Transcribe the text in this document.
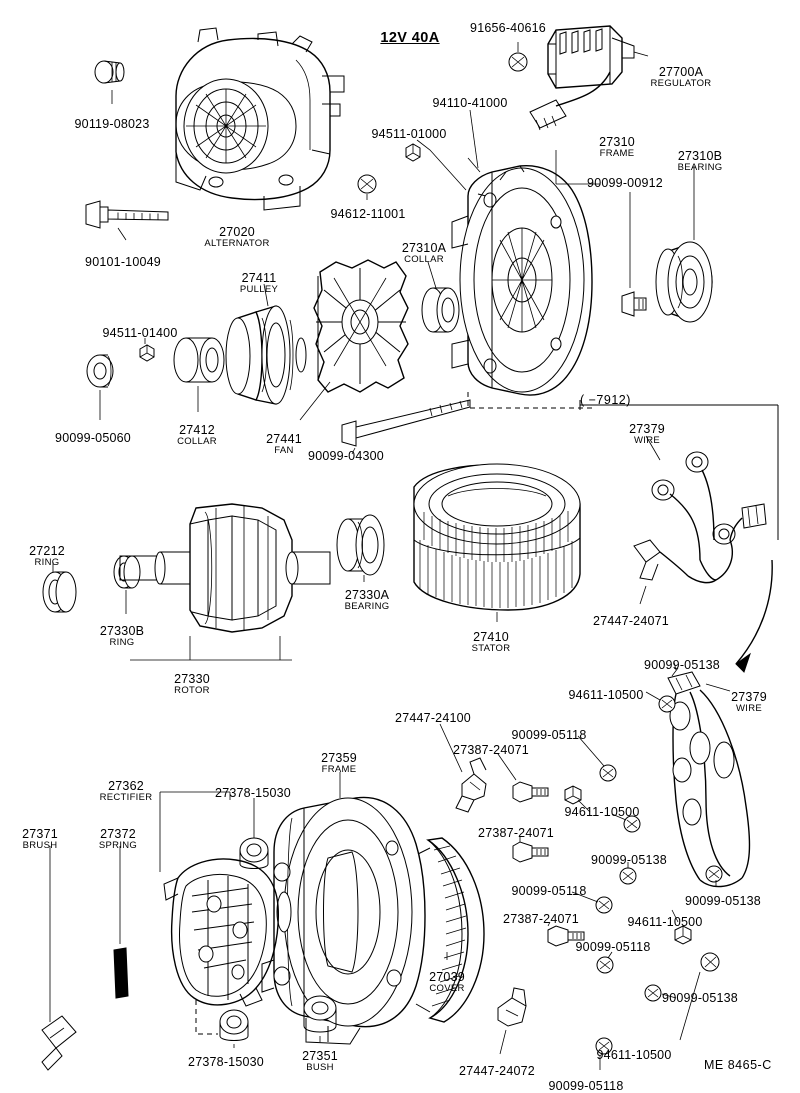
12V 40A
( −7912)
ME 8465-C
91656-40616
27700A
REGULATOR
90119-08023
94110-41000
94511-01000
27310
FRAME
90099-00912
27310B
BEARING
94612-11001
27020
ALTERNATOR
90101-10049
27310A
COLLAR
27411
PULLEY
94511-01400
90099-05060
27412
COLLAR	27441
FAN	90099-04300
27379
WIRE
27447-24071
27212
RING
27330B
RING
27330
ROTOR
27330A
BEARING
27410
STATOR
90099-05138
94611-10500	27379
WIRE
27447-24100
90099-05118
27387-24071
27359
FRAME
27362
RECTIFIER	27378-15030
94611-10500
27387-24071
27371
BRUSH
27372
SPRING
90099-05138
90099-05118
90099-05138
94611-10500
27387-24071
90099-05118
27039
COVER
90099-05138
27378-15030	27351
BUSH	27447-24072
94611-10500
90099-05118
